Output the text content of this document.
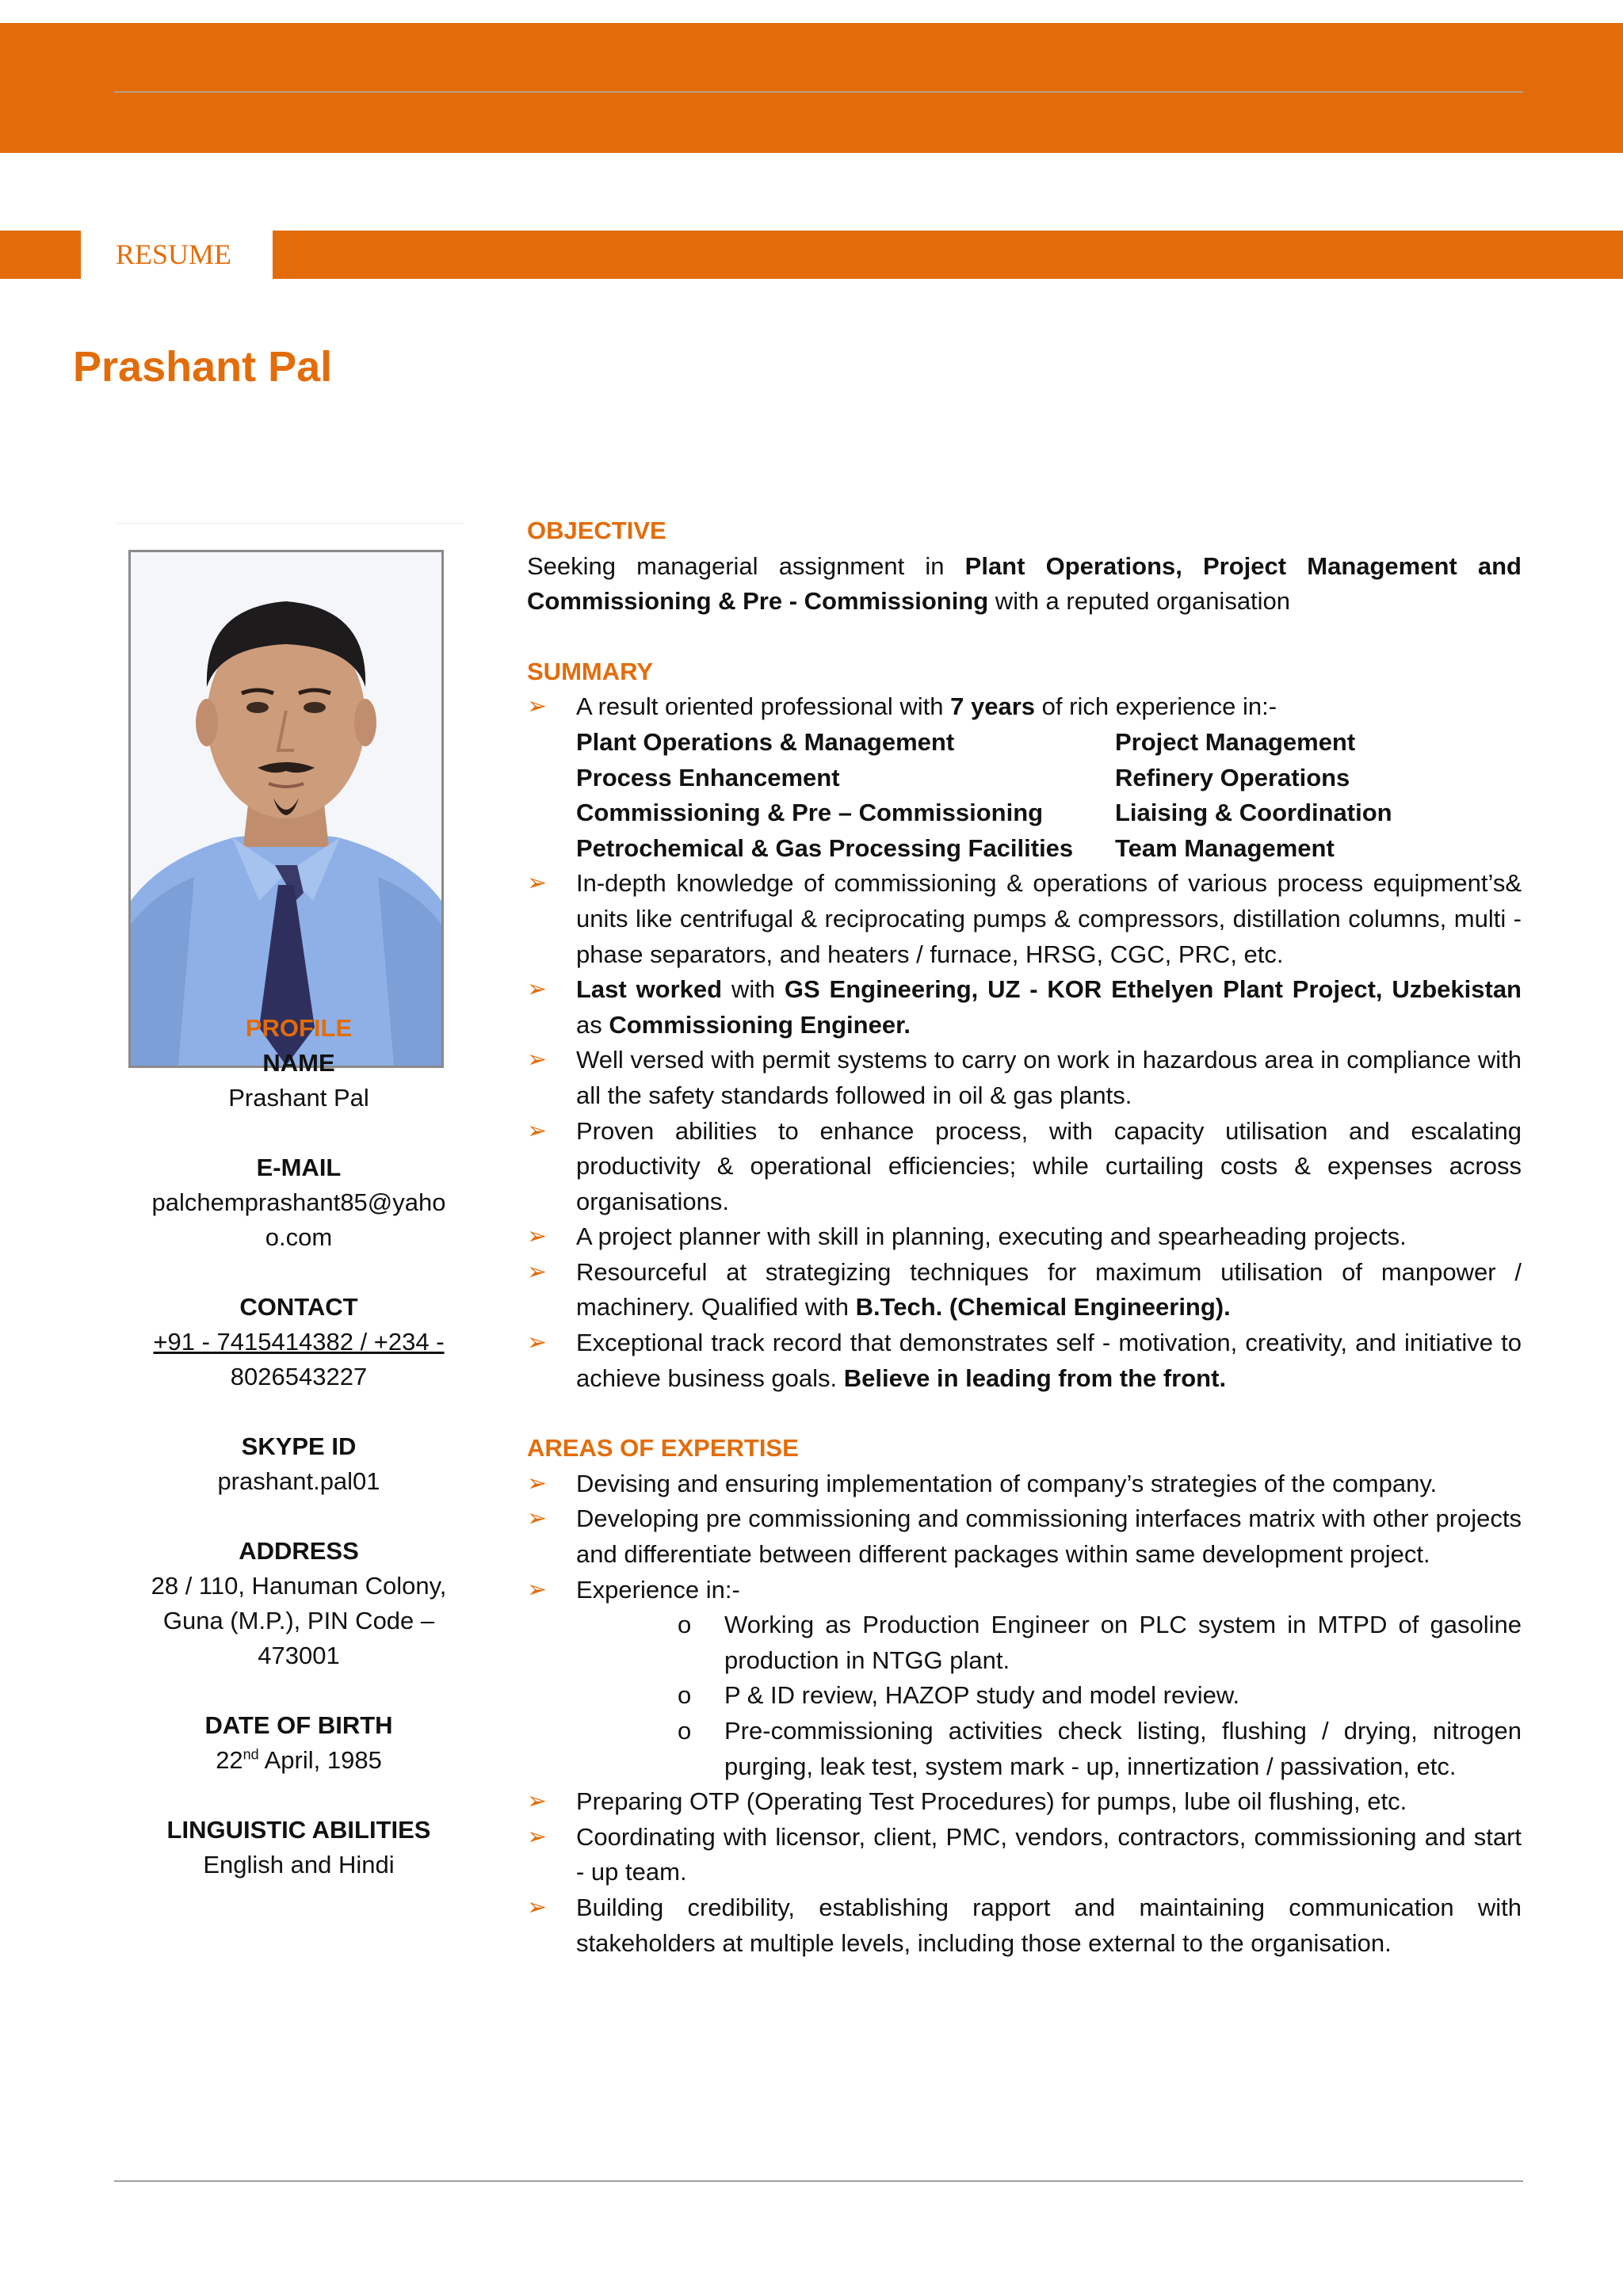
RESUME
Prashant Pal
PROFILE
NAME
Prashant Pal
E-MAIL
palchemprashant85@yaho
o.com
CONTACT
+91 - 7415414382 / +234 -
8026543227
SKYPE ID
prashant.pal01
ADDRESS
28 / 110, Hanuman Colony,
Guna (M.P.), PIN Code –
473001
DATE OF BIRTH
22nd April, 1985
LINGUISTIC ABILITIES
English and Hindi
OBJECTIVE
Seeking managerial assignment in Plant Operations, Project Management and Commissioning & Pre - Commissioning with a reputed organisation
SUMMARY
➢ A result oriented professional with 7 years of rich experience in:-
Plant Operations & Management	Project Management
Process Enhancement	Refinery Operations
Commissioning & Pre – Commissioning	Liaising & Coordination
Petrochemical & Gas Processing Facilities	Team Management
➢ In-depth knowledge of commissioning & operations of various process equipment’s& units like centrifugal & reciprocating pumps & compressors, distillation columns, multi - phase separators, and heaters / furnace, HRSG, CGC, PRC, etc.
➢ Last worked with GS Engineering, UZ - KOR Ethelyen Plant Project, Uzbekistan as Commissioning Engineer.
➢ Well versed with permit systems to carry on work in hazardous area in compliance with all the safety standards followed in oil & gas plants.
➢ Proven abilities to enhance process, with capacity utilisation and escalating productivity & operational efficiencies; while curtailing costs & expenses across organisations.
➢ A project planner with skill in planning, executing and spearheading projects.
➢ Resourceful at strategizing techniques for maximum utilisation of manpower / machinery. Qualified with B.Tech. (Chemical Engineering).
➢ Exceptional track record that demonstrates self - motivation, creativity, and initiative to achieve business goals. Believe in leading from the front.
AREAS OF EXPERTISE
➢ Devising and ensuring implementation of company’s strategies of the company.
➢ Developing pre commissioning and commissioning interfaces matrix with other projects and differentiate between different packages within same development project.
➢ Experience in:-
o Working as Production Engineer on PLC system in MTPD of gasoline production in NTGG plant.
o P & ID review, HAZOP study and model review.
o Pre-commissioning activities check listing, flushing / drying, nitrogen purging, leak test, system mark - up, innertization / passivation, etc.
➢ Preparing OTP (Operating Test Procedures) for pumps, lube oil flushing, etc.
➢ Coordinating with licensor, client, PMC, vendors, contractors, commissioning and start - up team.
➢ Building credibility, establishing rapport and maintaining communication with stakeholders at multiple levels, including those external to the organisation.
